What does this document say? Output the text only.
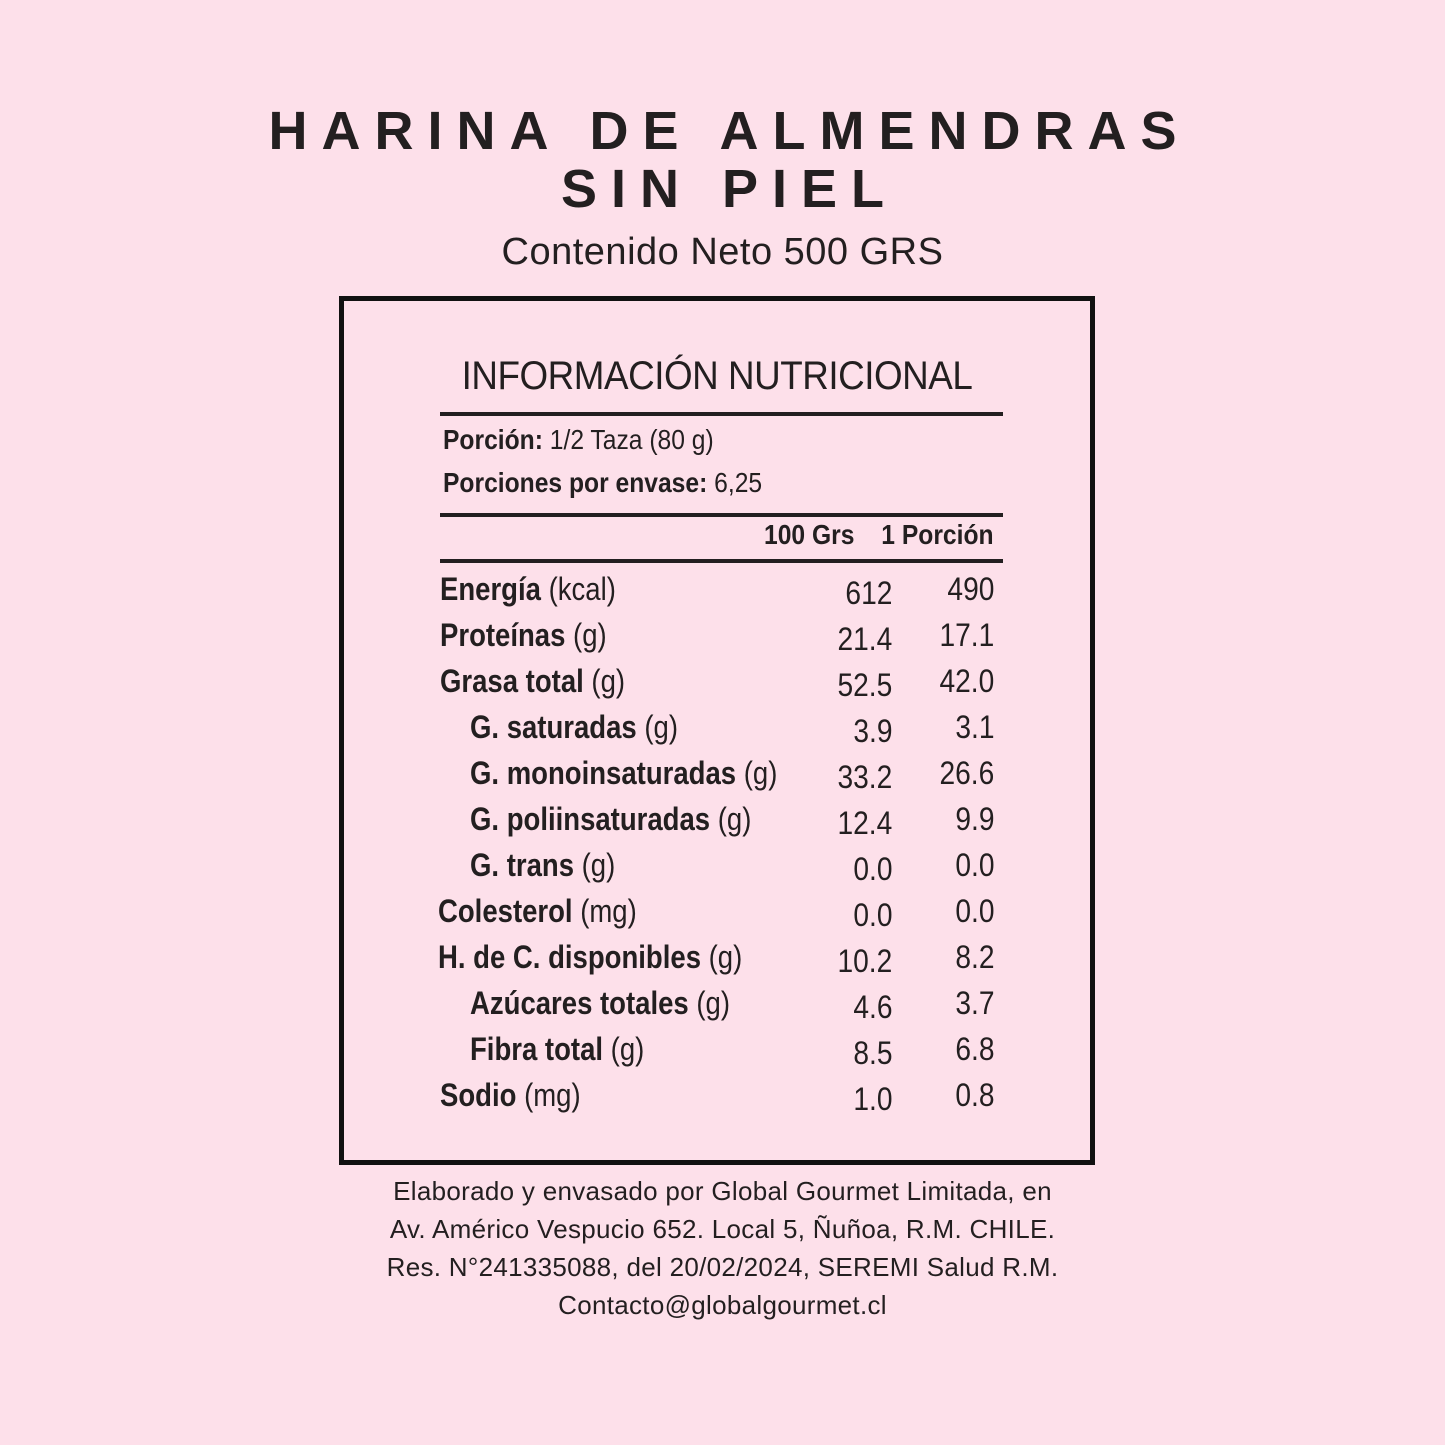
HARINA DE ALMENDRAS
SIN PIEL

Contenido Neto 500 GRS

INFORMACIÓN NUTRICIONAL
Porción: 1/2 Taza (80 g)
Porciones por envase: 6,25
100 Grs 1 Porción
Energía (kcal)	612 490
Proteínas (g)	21.4 17.1
Grasa total (g)	52.5 42.0
G. saturadas (g)	3.9 3.1
G. monoinsaturadas (g) 33.2 26.6
G. poliinsaturadas (g)	12.4 9.9
G. trans (g)	0.0 0.0
Colesterol (mg)	0.0 0.0
H. de C. disponibles (g)	10.2 8.2
Azúcares totales (g)	4.6 3.7
Fibra total (g)	8.5 6.8
Sodio (mg)	1.0 0.8
Elaborado y envasado por Global Gourmet Limitada, en
Av. Américo Vespucio 652. Local 5, Ñuñoa, R.M. CHILE.
Res. N°241335088, del 20/02/2024, SEREMI Salud R.M.
Contacto@globalgourmet.cl
